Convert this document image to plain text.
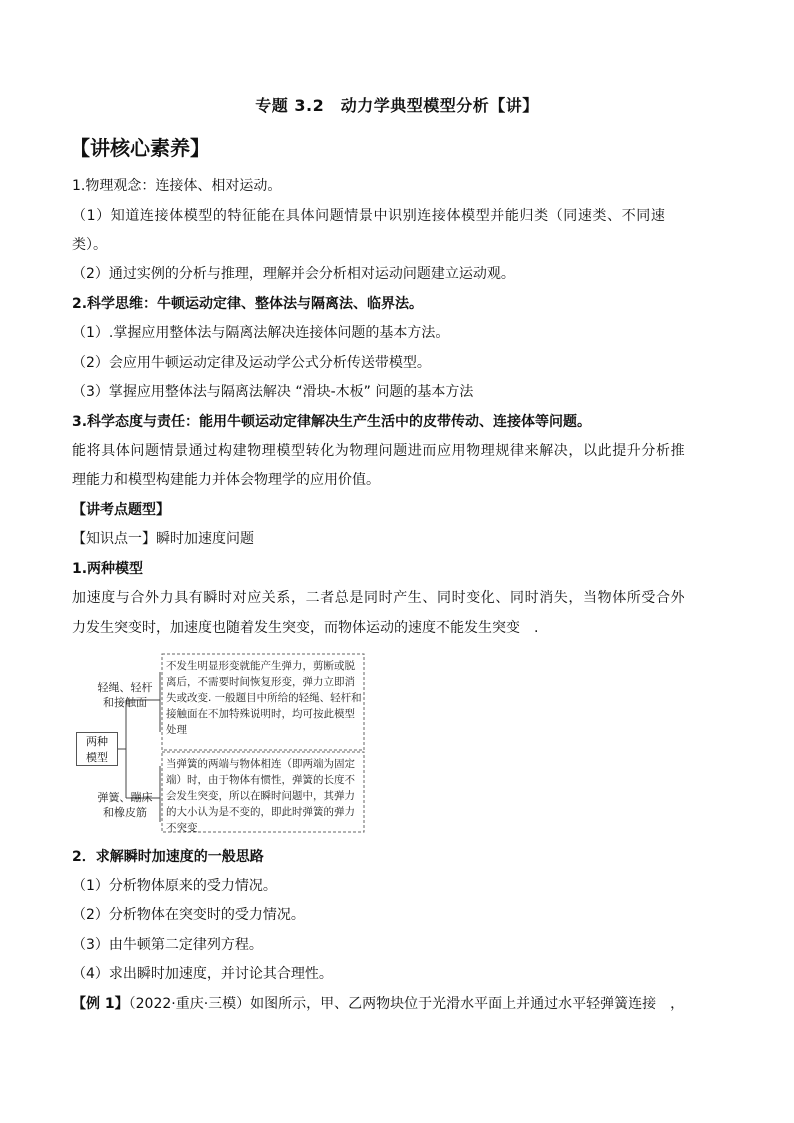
专题 3.2　动力学典型模型分析【讲】
【讲核心素养】
1.物理观念：连接体、相对运动。
（1）知道连接体模型的特征能在具体问题情景中识别连接体模型并能归类（同速类、不同速
类）。
（2）通过实例的分析与推理，理解并会分析相对运动问题建立运动观。
2.科学思维：牛顿运动定律、整体法与隔离法、临界法。
（1）.掌握应用整体法与隔离法解决连接体问题的基本方法。
（2）会应用牛顿运动定律及运动学公式分析传送带模型。
（3）掌握应用整体法与隔离法解决 “滑块-木板” 问题的基本方法
3.科学态度与责任：能用牛顿运动定律解决生产生活中的皮带传动、连接体等问题。
能将具体问题情景通过构建物理模型转化为物理问题进而应用物理规律来解决，以此提升分析推
理能力和模型构建能力并体会物理学的应用价值。
【讲考点题型】
【知识点一】瞬时加速度问题
1.两种模型
加速度与合外力具有瞬时对应关系，二者总是同时产生、同时变化、同时消失，当物体所受合外
力发生突变时，加速度也随着发生突变，而物体运动的速度不能发生突变　.
两种
模型
轻绳、轻杆
和接触面
弹簧、蹦床
和橡皮筋
不发生明显形变就能产生弹力，剪断或脱离后，不需要时间恢复形变，弹力立即消失或改变. 一般题目中所给的轻绳、轻杆和接触面在不加特殊说明时，均可按此模型处理
当弹簧的两端与物体相连（即两端为固定端）时，由于物体有惯性，弹簧的长度不会发生突变，所以在瞬时问题中，其弹力的大小认为是不变的，即此时弹簧的弹力不突变
2．求解瞬时加速度的一般思路
（1）分析物体原来的受力情况。
（2）分析物体在突变时的受力情况。
（3）由牛顿第二定律列方程。
（4）求出瞬时加速度，并讨论其合理性。
【例 1】（2022·重庆·三模）如图所示，甲、乙两物块位于光滑水平面上并通过水平轻弹簧连接　，
